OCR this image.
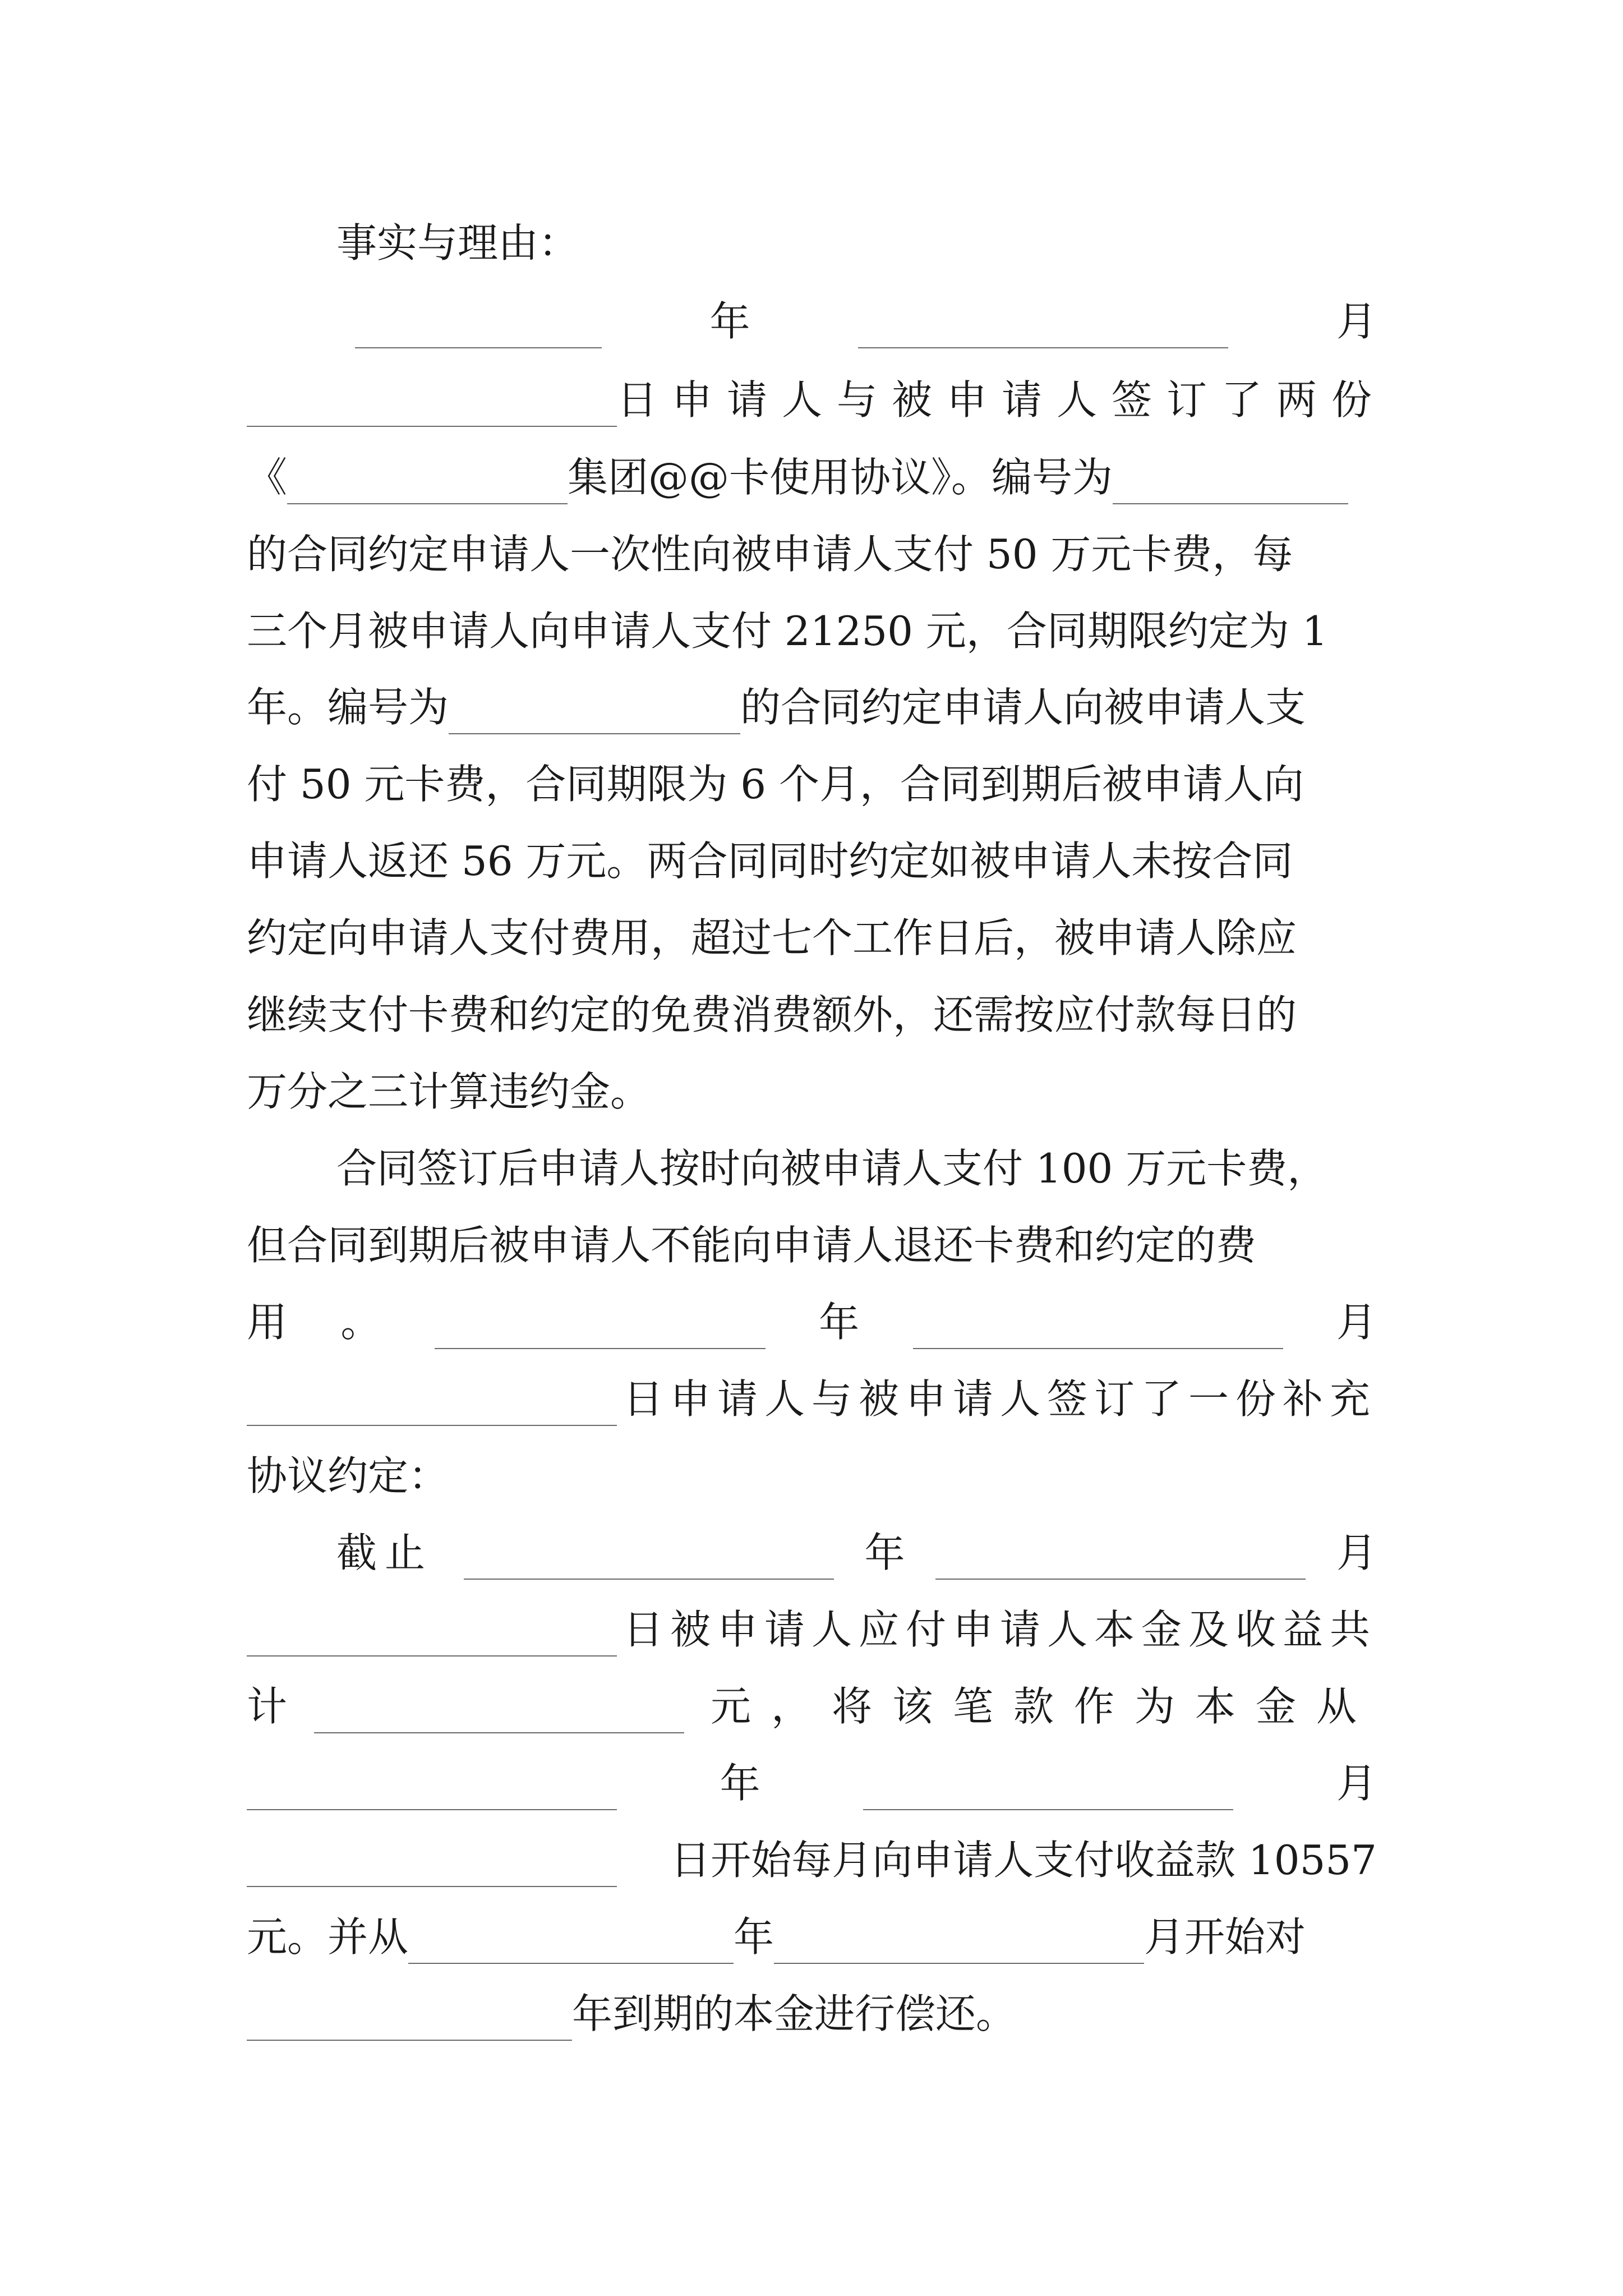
事实与理由：
年	月
日申请人与被申请人签订了两份
《	集团@@卡使用协议》。编号为
的合同约定申请人一次性向被申请人支付 50 万元卡费，每
三个月被申请人向申请人支付 21250 元，合同期限约定为 1
年。编号为	的合同约定申请人向被申请人支
付 50 元卡费，合同期限为 6 个月，合同到期后被申请人向
申请人返还 56 万元。两合同同时约定如被申请人未按合同
约定向申请人支付费用，超过七个工作日后，被申请人除应
继续支付卡费和约定的免费消费额外，还需按应付款每日的
万分之三计算违约金。
合同签订后申请人按时向被申请人支付 100 万元卡费，
但合同到期后被申请人不能向申请人退还卡费和约定的费
用 。	年	月
日申请人与被申请人签订了一份补充
协议约定：
截止	年	月
日被申请人应付申请人本金及收益共
计	元，将该笔款作为本金从
年	月
日开始每月向申请人支付收益款 10557
元。并从	年	月开始对
年到期的本金进行偿还。
